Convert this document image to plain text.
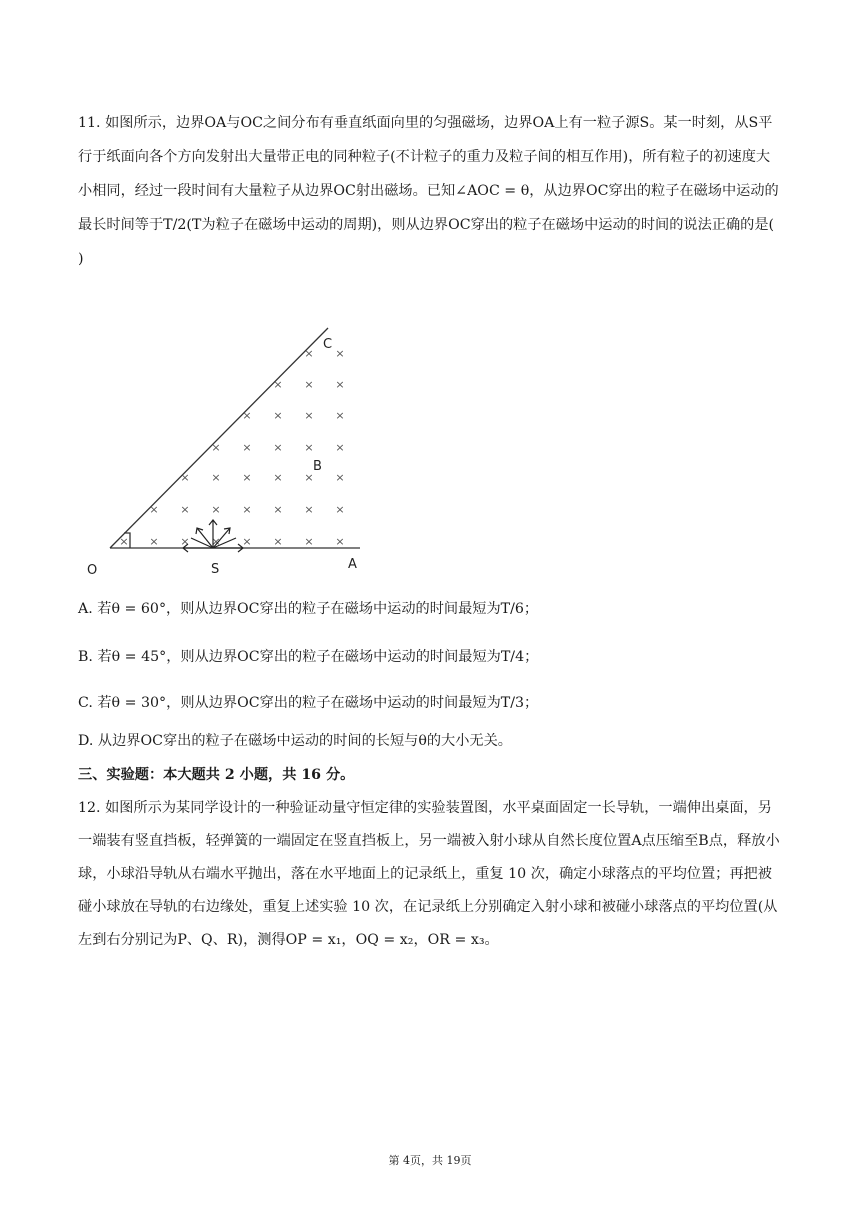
11. 如图所示，边界OA与OC之间分布有垂直纸面向里的匀强磁场，边界OA上有一粒子源S。某一时刻，从S平行于纸面向各个方向发射出大量带正电的同种粒子(不计粒子的重力及粒子间的相互作用)，所有粒子的初速度大小相同，经过一段时间有大量粒子从边界OC射出磁场。已知∠AOC = θ，从边界OC穿出的粒子在磁场中运动的最长时间等于T/2(T为粒子在磁场中运动的周期)，则从边界OC穿出的粒子在磁场中运动的时间的说法正确的是( )
× × × × × × × ×
× × × × × × ×
× × × × × ×
× × × × ×
× × × ×
× × ×
× ×
C
B
O	S	A
A. 若θ = 60°，则从边界OC穿出的粒子在磁场中运动的时间最短为T/6；
B. 若θ = 45°，则从边界OC穿出的粒子在磁场中运动的时间最短为T/4；
C. 若θ = 30°，则从边界OC穿出的粒子在磁场中运动的时间最短为T/3；
D. 从边界OC穿出的粒子在磁场中运动的时间的长短与θ的大小无关。
三、实验题：本大题共 2 小题，共 16 分。
12. 如图所示为某同学设计的一种验证动量守恒定律的实验装置图，水平桌面固定一长导轨，一端伸出桌面，另一端装有竖直挡板，轻弹簧的一端固定在竖直挡板上，另一端被入射小球从自然长度位置A点压缩至B点，释放小球，小球沿导轨从右端水平抛出，落在水平地面上的记录纸上，重复 10 次，确定小球落点的平均位置；再把被碰小球放在导轨的右边缘处，重复上述实验 10 次，在记录纸上分别确定入射小球和被碰小球落点的平均位置(从左到右分别记为P、Q、R)，测得OP = x₁，OQ = x₂，OR = x₃。
第 4页，共 19页
